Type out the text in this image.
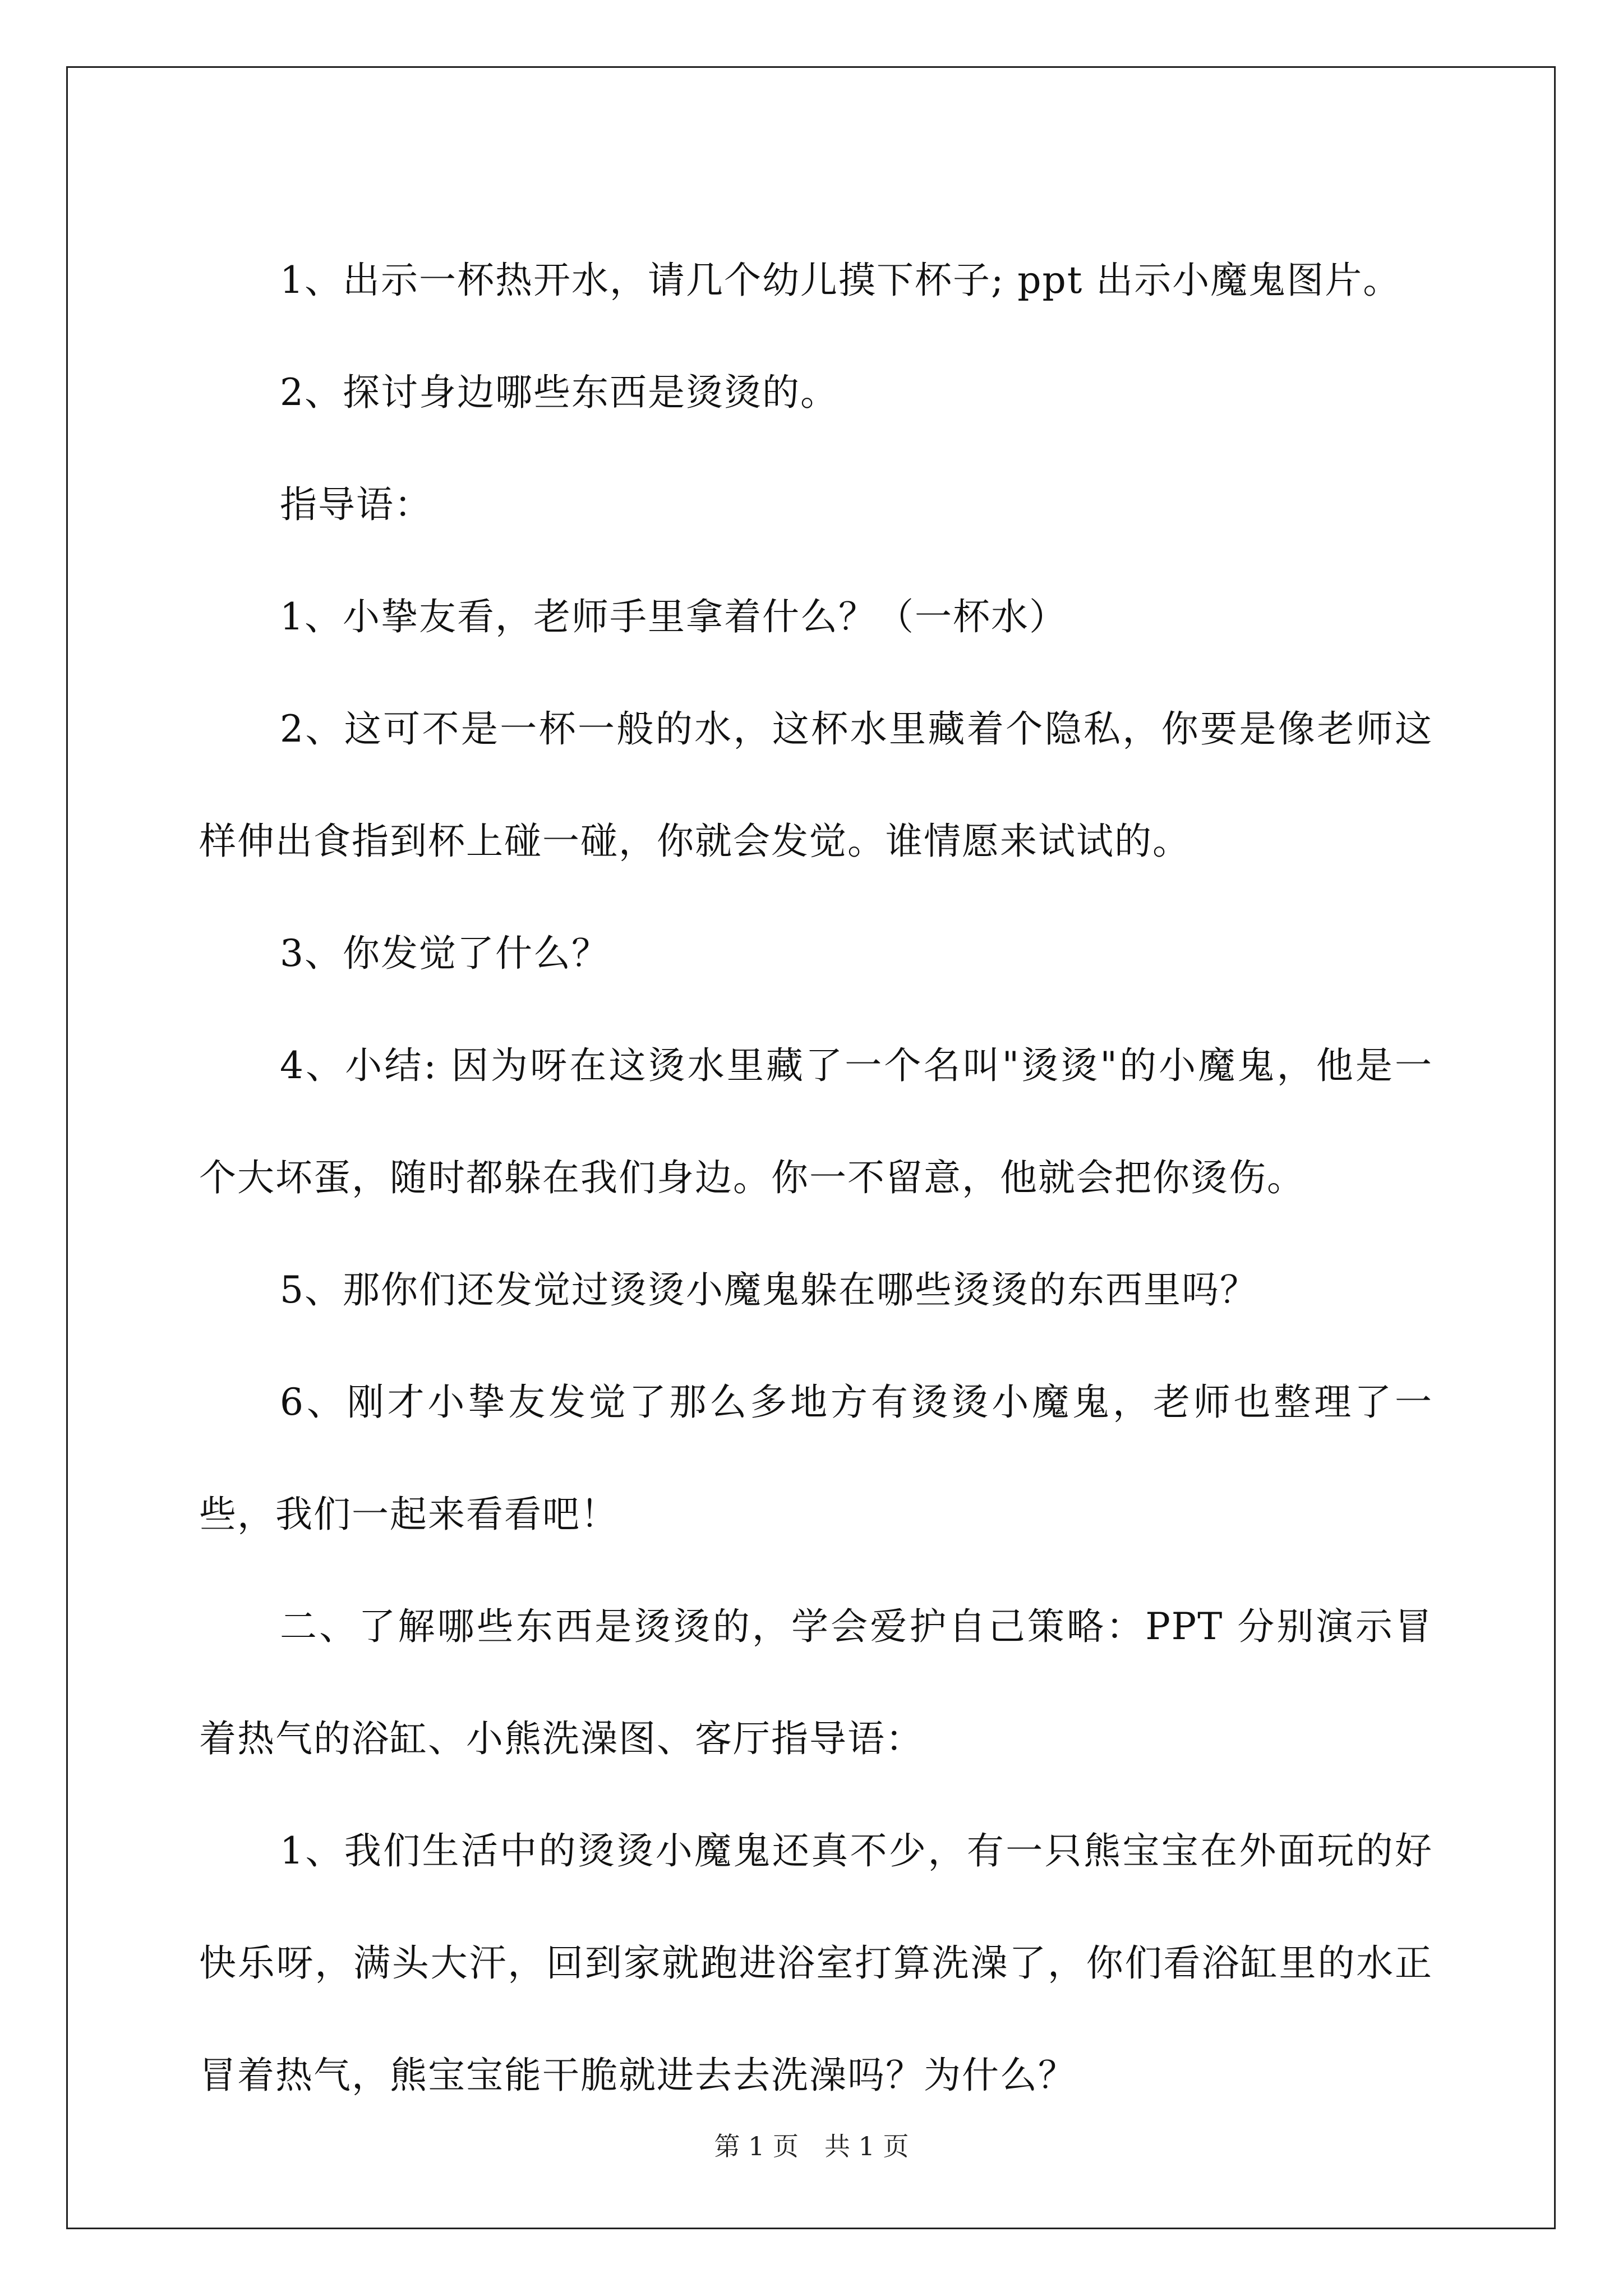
1、出示一杯热开水，请几个幼儿摸下杯子; ppt 出示小魔鬼图片。

2、探讨身边哪些东西是烫烫的。

指导语：

1、小挚友看，老师手里拿着什么？（一杯水）

2、这可不是一杯一般的水，这杯水里藏着个隐私，你要是像老师这样伸出食指到杯上碰一碰，你就会发觉。谁情愿来试试的。

3、你发觉了什么？

4、小结: 因为呀在这烫水里藏了一个名叫"烫烫"的小魔鬼，他是一个大坏蛋，随时都躲在我们身边。你一不留意，他就会把你烫伤。

5、那你们还发觉过烫烫小魔鬼躲在哪些烫烫的东西里吗？

6、刚才小挚友发觉了那么多地方有烫烫小魔鬼，老师也整理了一些，我们一起来看看吧！

二、了解哪些东西是烫烫的，学会爱护自己策略：PPT 分别演示冒着热气的浴缸、小熊洗澡图、客厅指导语：

1、我们生活中的烫烫小魔鬼还真不少，有一只熊宝宝在外面玩的好快乐呀，满头大汗，回到家就跑进浴室打算洗澡了，你们看浴缸里的水正冒着热气，熊宝宝能干脆就进去去洗澡吗？为什么？

第 1 页　共 1 页
